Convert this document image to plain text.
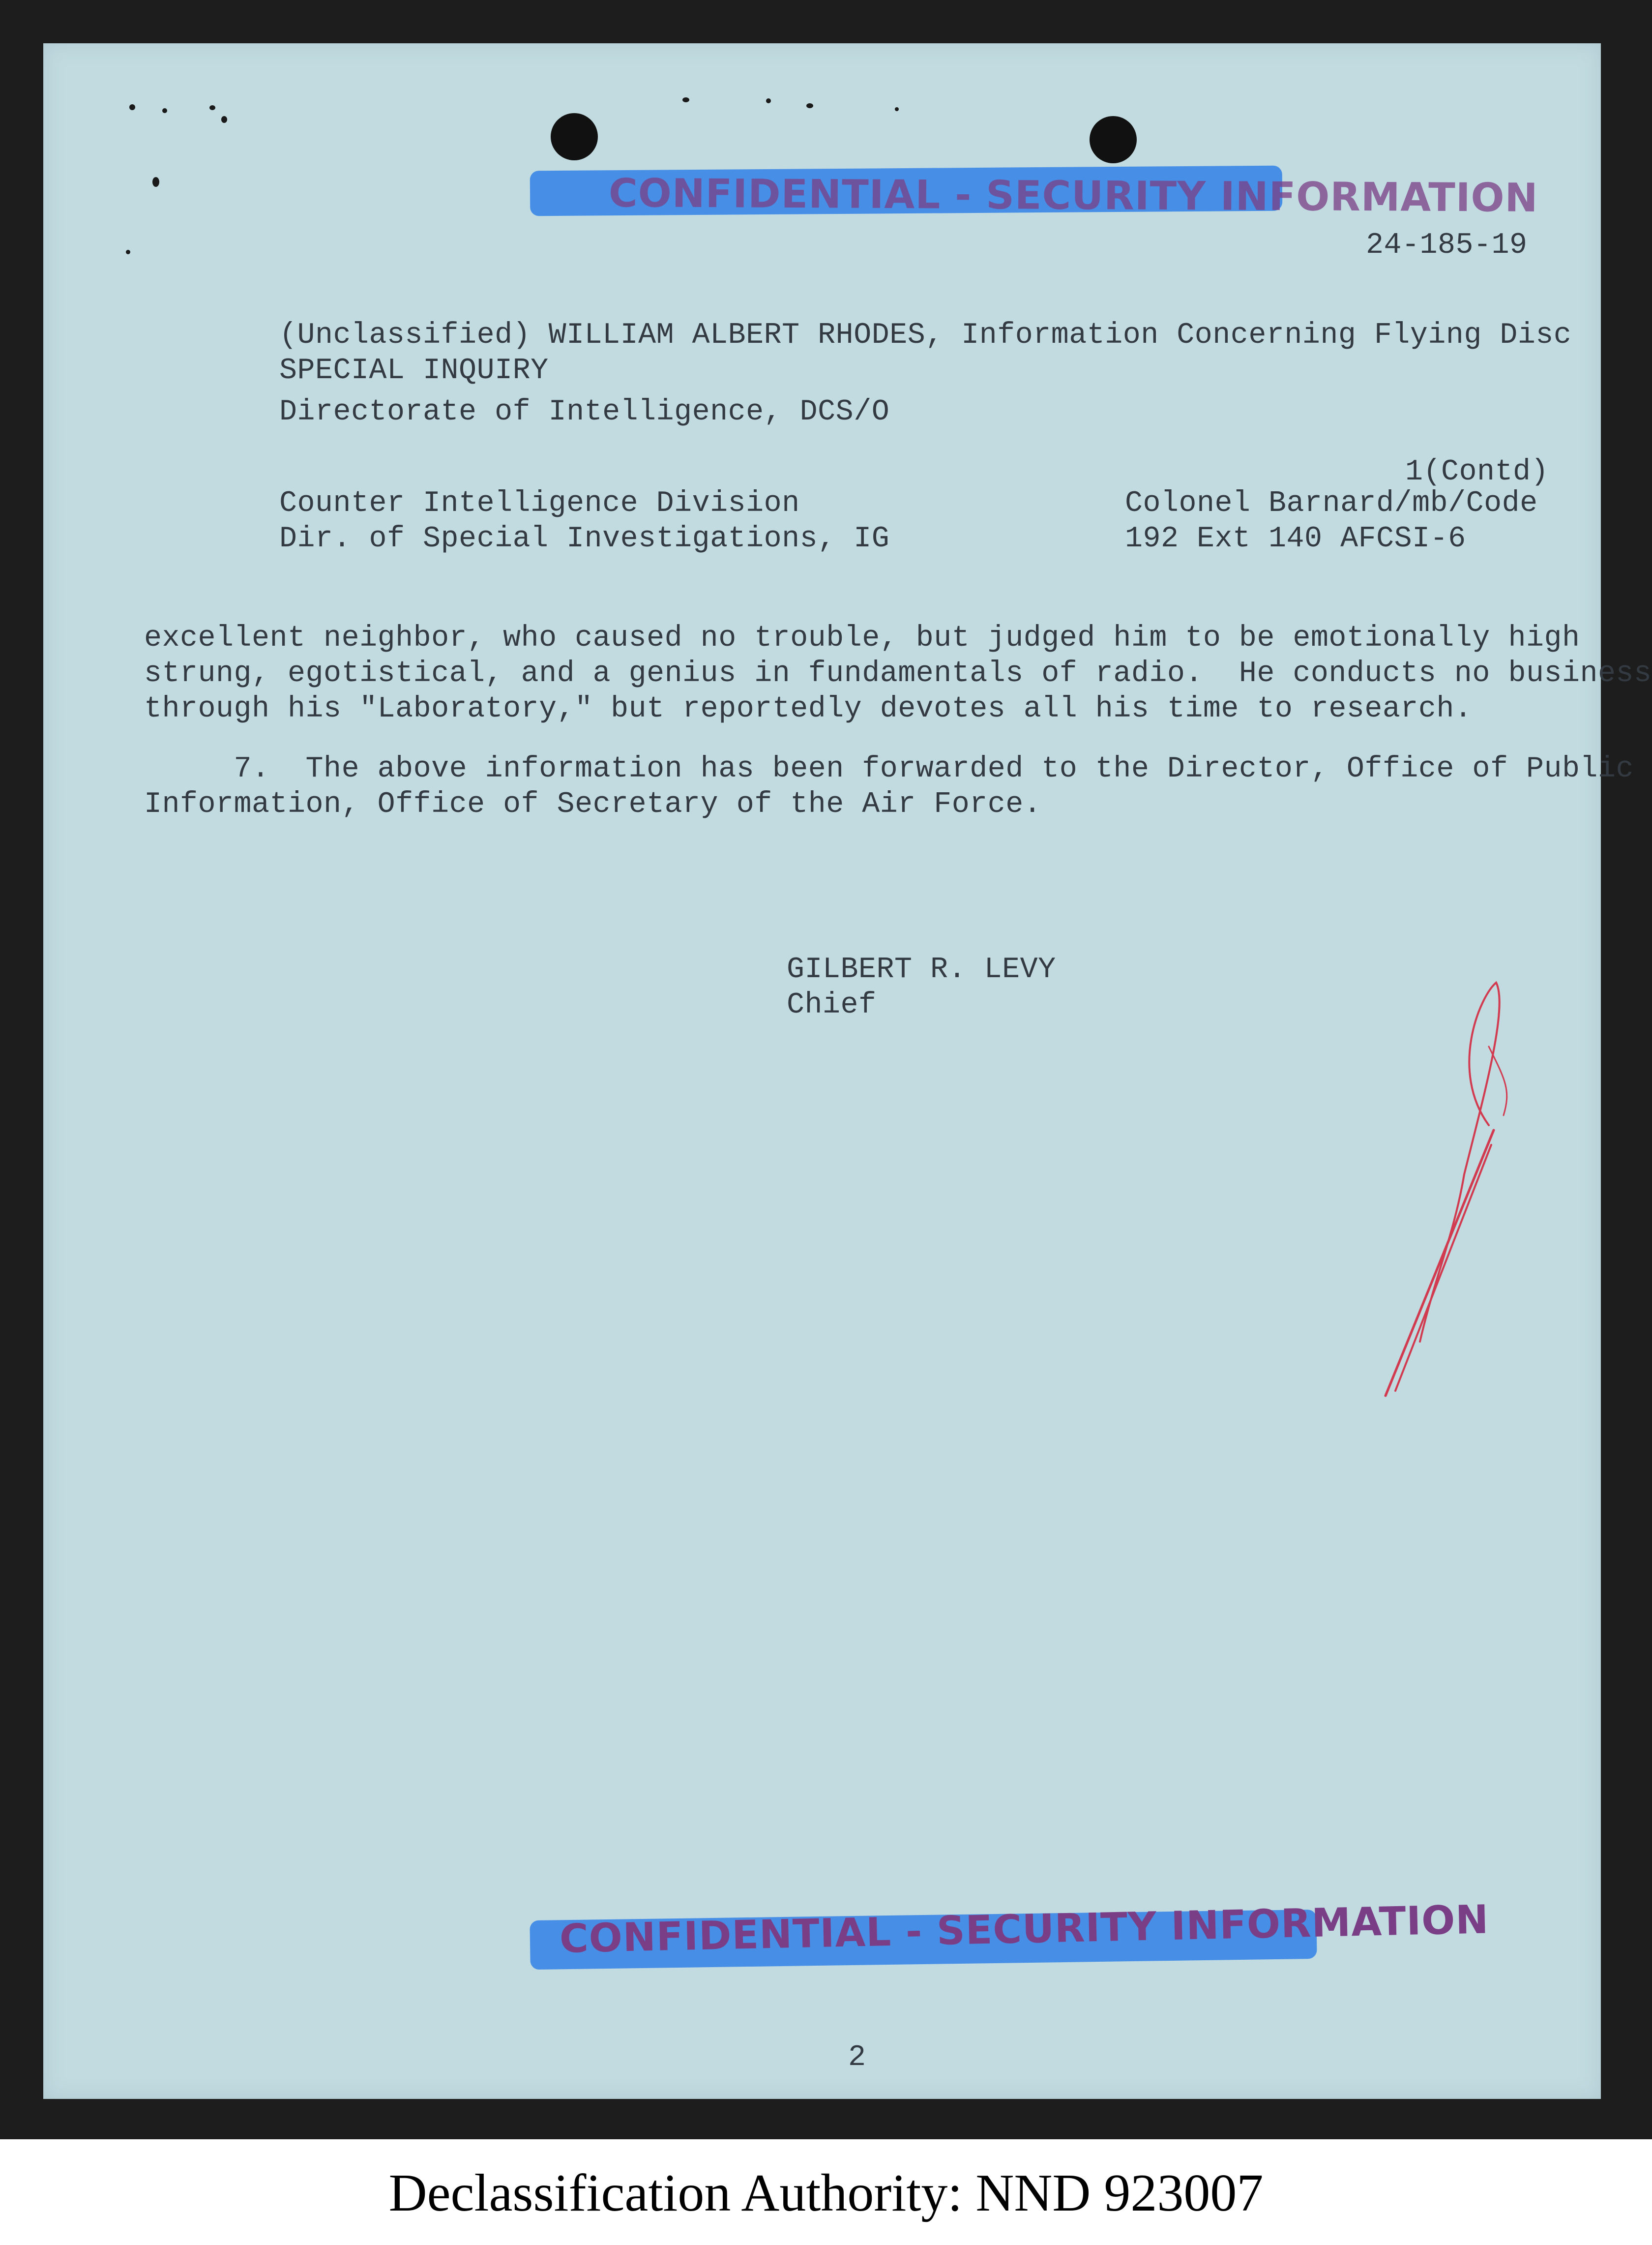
CONFIDENTIAL - SECURITY INFORMATION
24-185-19
(Unclassified) WILLIAM ALBERT RHODES, Information Concerning Flying Disc
SPECIAL INQUIRY
Directorate of Intelligence, DCS/O
1(Contd)
Counter Intelligence Division
Dir. of Special Investigations, IG
Colonel Barnard/mb/Code
192 Ext 140 AFCSI-6
excellent neighbor, who caused no trouble, but judged him to be emotionally high
strung, egotistical, and a genius in fundamentals of radio.  He conducts no business
through his "Laboratory," but reportedly devotes all his time to research.
7.  The above information has been forwarded to the Director, Office of Public
Information, Office of Secretary of the Air Force.
GILBERT R. LEVY
Chief
CONFIDENTIAL - SECURITY INFORMATION
2
Declassification Authority: NND 923007
